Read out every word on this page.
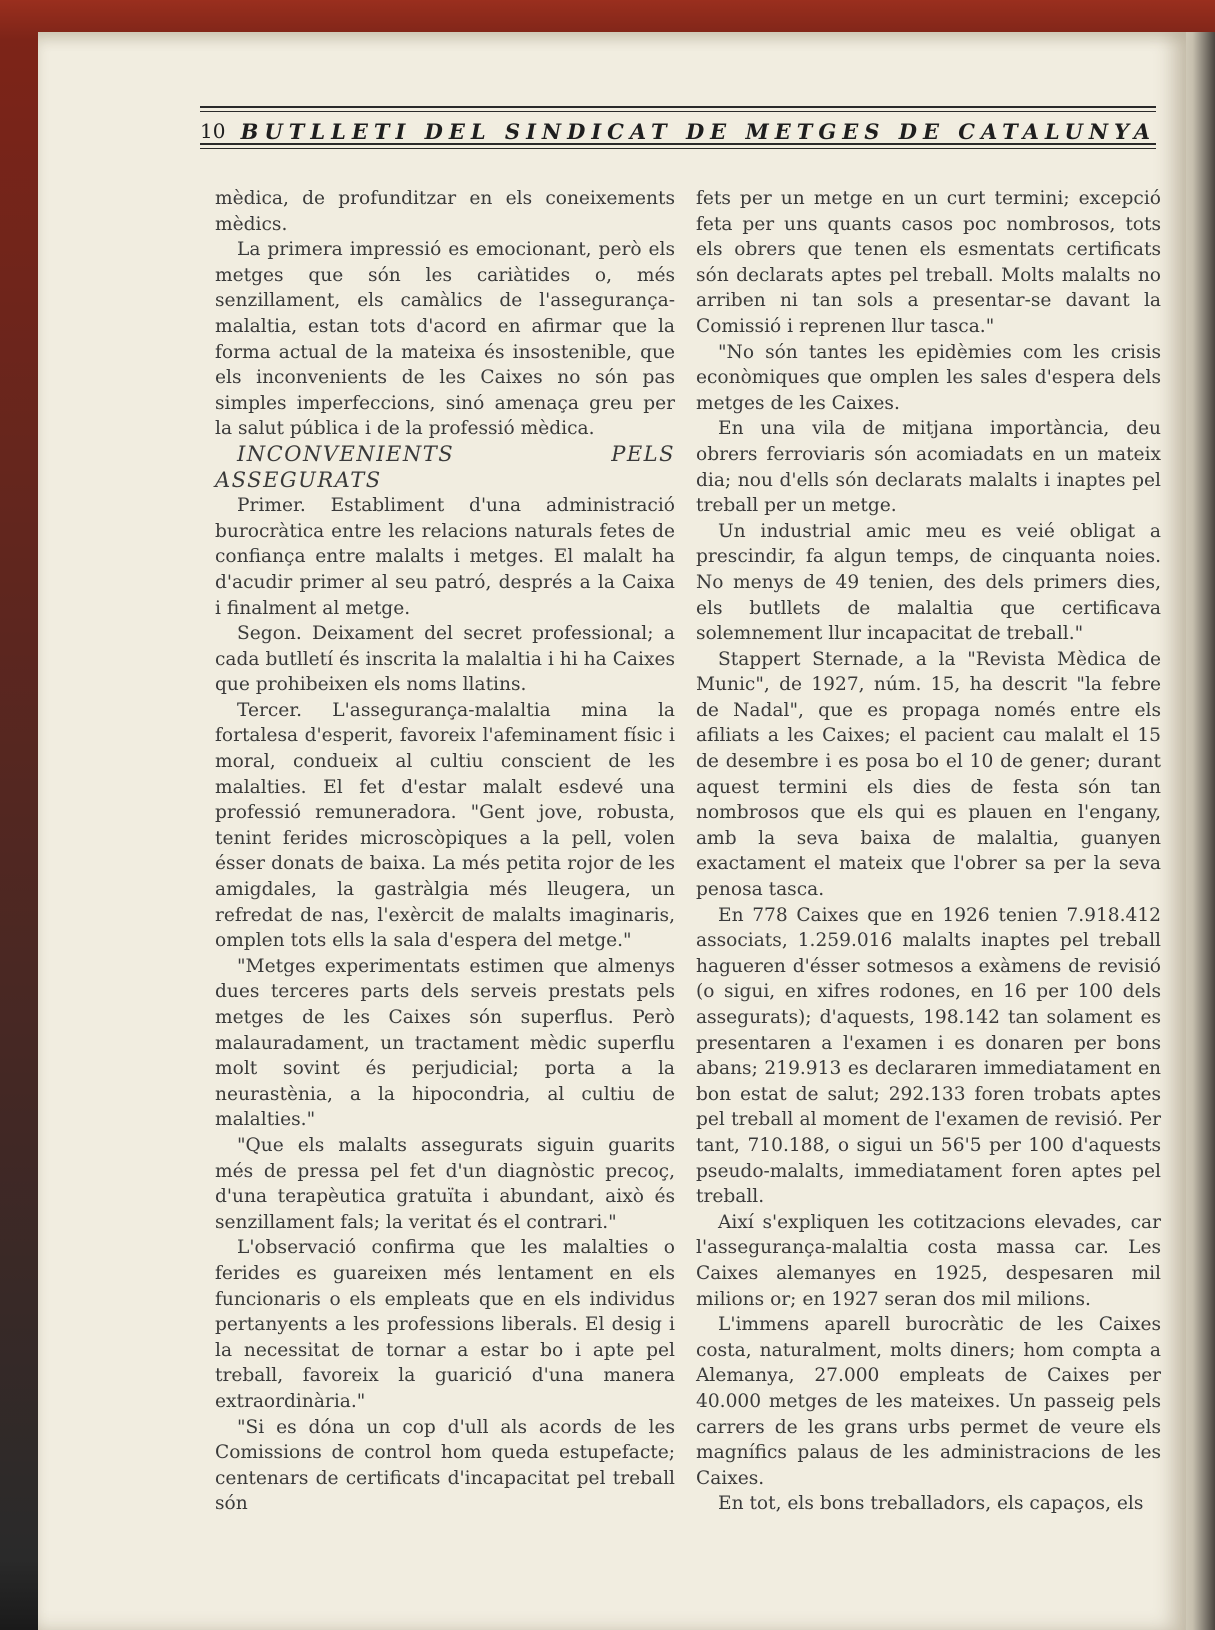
10 BUTLLETI DEL SINDICAT DE METGES DE CATALUNYA

mèdica, de profunditzar en els coneixements mèdics.

La primera impressió es emocionant, però els metges que són les cariàtides o, més senzillament, els camàlics de l'assegurança-malaltia, estan tots d'acord en afirmar que la forma actual de la mateixa és insostenible, que els inconvenients de les Caixes no són pas simples imperfeccions, sinó amenaça greu per la salut pública i de la professió mèdica.

INCONVENIENTS PELS ASSEGURATS

Primer. Establiment d'una administració burocràtica entre les relacions naturals fetes de confiança entre malalts i metges. El malalt ha d'acudir primer al seu patró, després a la Caixa i finalment al metge.

Segon. Deixament del secret professional; a cada butlletí és inscrita la malaltia i hi ha Caixes que prohibeixen els noms llatins.

Tercer. L'assegurança-malaltia mina la fortalesa d'esperit, favoreix l'afeminament físic i moral, condueix al cultiu conscient de les malalties. El fet d'estar malalt esdevé una professió remuneradora. "Gent jove, robusta, tenint ferides microscòpiques a la pell, volen ésser donats de baixa. La més petita rojor de les amigdales, la gastràlgia més lleugera, un refredat de nas, l'exèrcit de malalts imaginaris, omplen tots ells la sala d'espera del metge."

"Metges experimentats estimen que almenys dues terceres parts dels serveis prestats pels metges de les Caixes són superflus. Però malauradament, un tractament mèdic superflu molt sovint és perjudicial; porta a la neurastènia, a la hipocondria, al cultiu de malalties."

"Que els malalts assegurats siguin guarits més de pressa pel fet d'un diagnòstic precoç, d'una terapèutica gratuïta i abundant, això és senzillament fals; la veritat és el contrari."

L'observació confirma que les malalties o ferides es guareixen més lentament en els funcionaris o els empleats que en els individus pertanyents a les professions liberals. El desig i la necessitat de tornar a estar bo i apte pel treball, favoreix la guarició d'una manera extraordinària."

"Si es dóna un cop d'ull als acords de les Comissions de control hom queda estupefacte; centenars de certificats d'incapacitat pel treball són

fets per un metge en un curt termini; excepció feta per uns quants casos poc nombrosos, tots els obrers que tenen els esmentats certificats són declarats aptes pel treball. Molts malalts no arriben ni tan sols a presentar-se davant la Comissió i reprenen llur tasca."

"No són tantes les epidèmies com les crisis econòmiques que omplen les sales d'espera dels metges de les Caixes.

En una vila de mitjana importància, deu obrers ferroviaris són acomiadats en un mateix dia; nou d'ells són declarats malalts i inaptes pel treball per un metge.

Un industrial amic meu es veié obligat a prescindir, fa algun temps, de cinquanta noies. No menys de 49 tenien, des dels primers dies, els butllets de malaltia que certificava solemnement llur incapacitat de treball."

Stappert Sternade, a la "Revista Mèdica de Munic", de 1927, núm. 15, ha descrit "la febre de Nadal", que es propaga només entre els afiliats a les Caixes; el pacient cau malalt el 15 de desembre i es posa bo el 10 de gener; durant aquest termini els dies de festa són tan nombrosos que els qui es plauen en l'engany, amb la seva baixa de malaltia, guanyen exactament el mateix que l'obrer sa per la seva penosa tasca.

En 778 Caixes que en 1926 tenien 7.918.412 associats, 1.259.016 malalts inaptes pel treball hagueren d'ésser sotmesos a exàmens de revisió (o sigui, en xifres rodones, en 16 per 100 dels assegurats); d'aquests, 198.142 tan solament es presentaren a l'examen i es donaren per bons abans; 219.913 es declararen immediatament en bon estat de salut; 292.133 foren trobats aptes pel treball al moment de l'examen de revisió. Per tant, 710.188, o sigui un 56'5 per 100 d'aquests pseudo-malalts, immediatament foren aptes pel treball.

Així s'expliquen les cotitzacions elevades, car l'assegurança-malaltia costa massa car. Les Caixes alemanyes en 1925, despesaren mil milions or; en 1927 seran dos mil milions.

L'immens aparell burocràtic de les Caixes costa, naturalment, molts diners; hom compta a Alemanya, 27.000 empleats de Caixes per 40.000 metges de les mateixes. Un passeig pels carrers de les grans urbs permet de veure els magnífics palaus de les administracions de les Caixes.

En tot, els bons treballadors, els capaços, els
